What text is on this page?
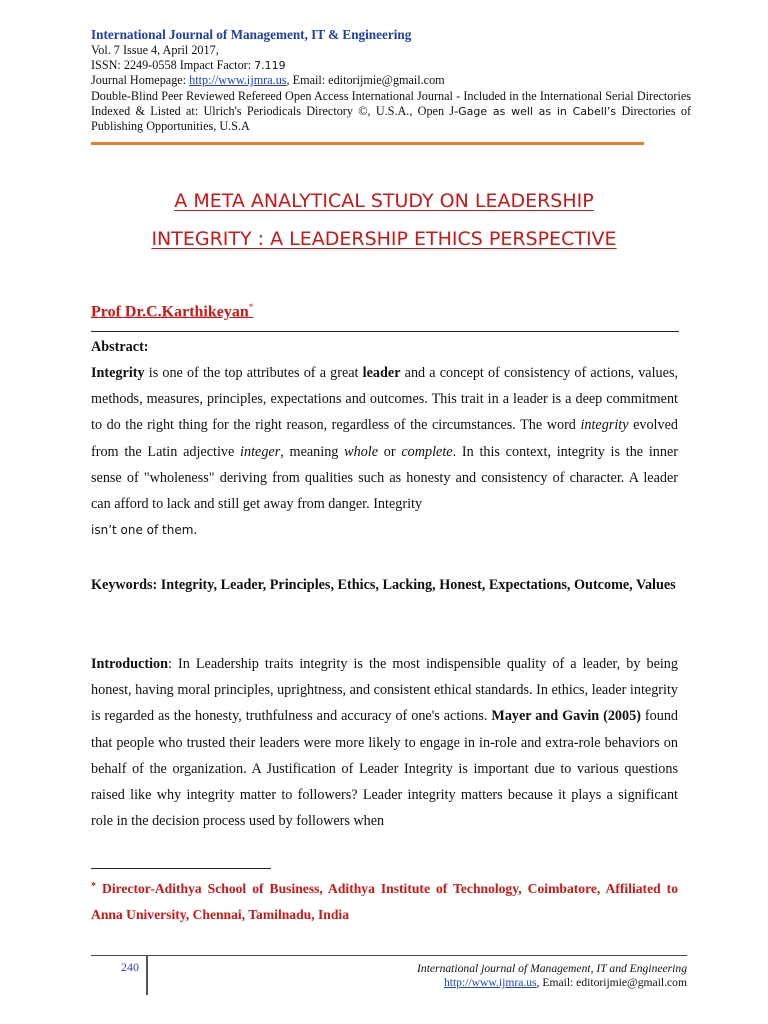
International Journal of Management, IT & Engineering
Vol. 7 Issue 4, April 2017,
ISSN: 2249-0558 Impact Factor: 7.119
Journal Homepage: http://www.ijmra.us, Email: editorijmie@gmail.com
Double-Blind Peer Reviewed Refereed Open Access International Journal - Included in the International Serial Directories Indexed & Listed at: Ulrich's Periodicals Directory ©, U.S.A., Open J-Gage as well as in Cabell’s Directories of Publishing Opportunities, U.S.A
A META ANALYTICAL STUDY ON LEADERSHIP
INTEGRITY : A LEADERSHIP ETHICS PERSPECTIVE
Prof Dr.C.Karthikeyan*
Abstract:
Integrity is one of the top attributes of a great leader and a concept of consistency of actions, values, methods, measures, principles, expectations and outcomes. This trait in a leader is a deep commitment to do the right thing for the right reason, regardless of the circumstances. The word integrity evolved from the Latin adjective integer, meaning whole or complete. In this context, integrity is the inner sense of "wholeness" deriving from qualities such as honesty and consistency of character. A leader can afford to lack and still get away from danger. Integrity
isn’t one of them.
Keywords: Integrity, Leader, Principles, Ethics, Lacking, Honest, Expectations, Outcome, Values
Introduction: In Leadership traits integrity is the most indispensible quality of a leader, by being honest, having moral principles, uprightness, and consistent ethical standards. In ethics, leader integrity is regarded as the honesty, truthfulness and accuracy of one's actions. Mayer and Gavin (2005) found that people who trusted their leaders were more likely to engage in in-role and extra-role behaviors on behalf of the organization. A Justification of Leader Integrity is important due to various questions raised like why integrity matter to followers? Leader integrity matters because it plays a significant role in the decision process used by followers when
* Director-Adithya School of Business, Adithya Institute of Technology, Coimbatore, Affiliated to Anna University, Chennai, Tamilnadu, India
240	International journal of Management, IT and Engineering
http://www.ijmra.us, Email: editorijmie@gmail.com
